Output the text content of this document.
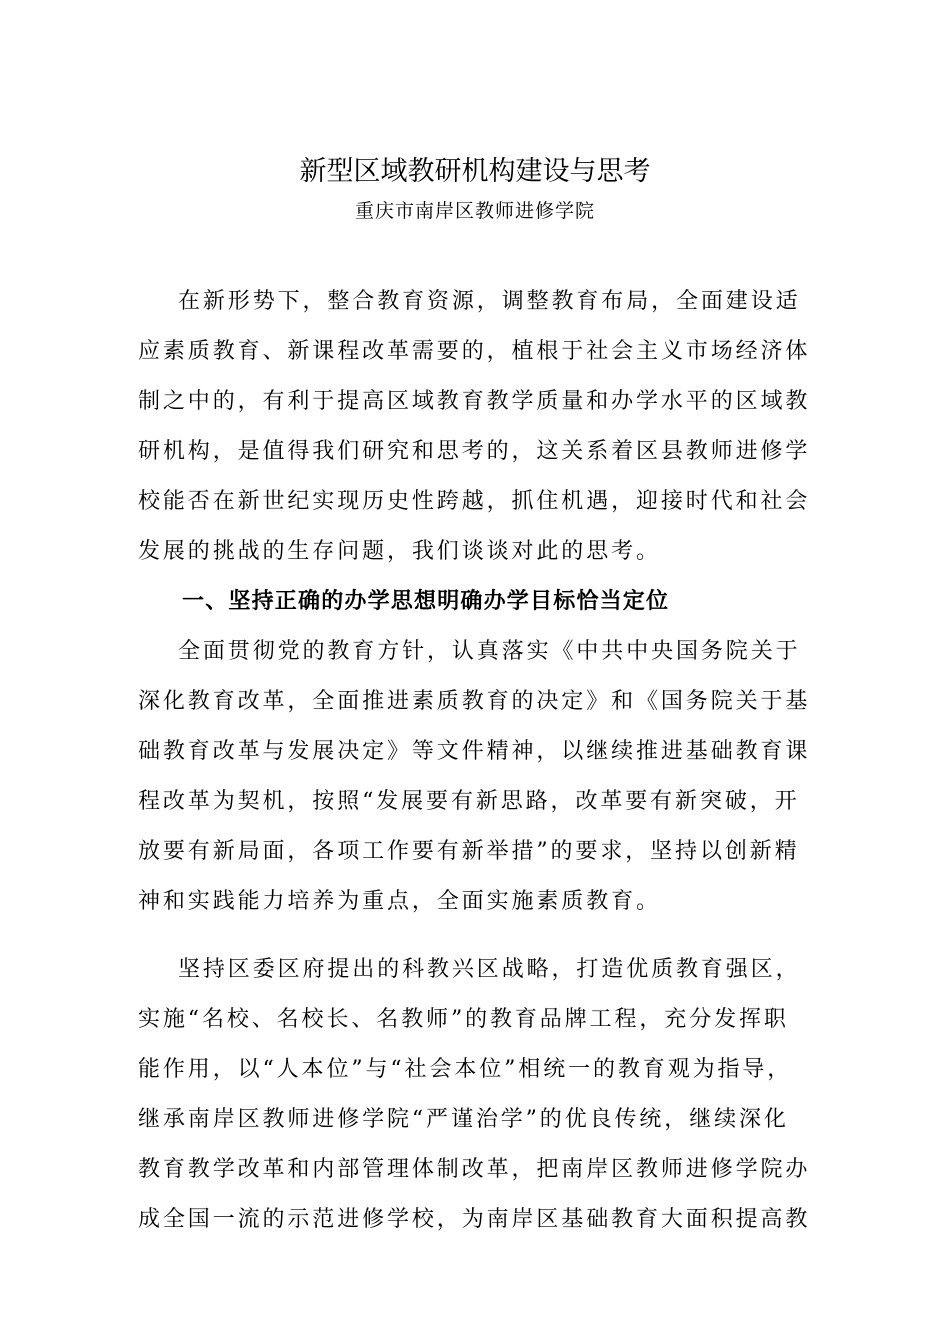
新型区域教研机构建设与思考
重庆市南岸区教师进修学院
在新形势下，整合教育资源，调整教育布局，全面建设适
应素质教育、新课程改革需要的，植根于社会主义市场经济体
制之中的，有利于提高区域教育教学质量和办学水平的区域教
研机构，是值得我们研究和思考的，这关系着区县教师进修学
校能否在新世纪实现历史性跨越，抓住机遇，迎接时代和社会
发展的挑战的生存问题，我们谈谈对此的思考。
一、坚持正确的办学思想明确办学目标恰当定位
全面贯彻党的教育方针，认真落实《中共中央国务院关于
深化教育改革，全面推进素质教育的决定》和《国务院关于基
础教育改革与发展决定》等文件精神，以继续推进基础教育课
程改革为契机，按照“发展要有新思路，改革要有新突破，开
放要有新局面，各项工作要有新举措”的要求，坚持以创新精
神和实践能力培养为重点，全面实施素质教育。
坚持区委区府提出的科教兴区战略，打造优质教育强区，
实施“名校、名校长、名教师”的教育品牌工程，充分发挥职
能作用，以“人本位”与“社会本位”相统一的教育观为指导，
继承南岸区教师进修学院“严谨治学”的优良传统，继续深化
教育教学改革和内部管理体制改革，把南岸区教师进修学院办
成全国一流的示范进修学校，为南岸区基础教育大面积提高教
